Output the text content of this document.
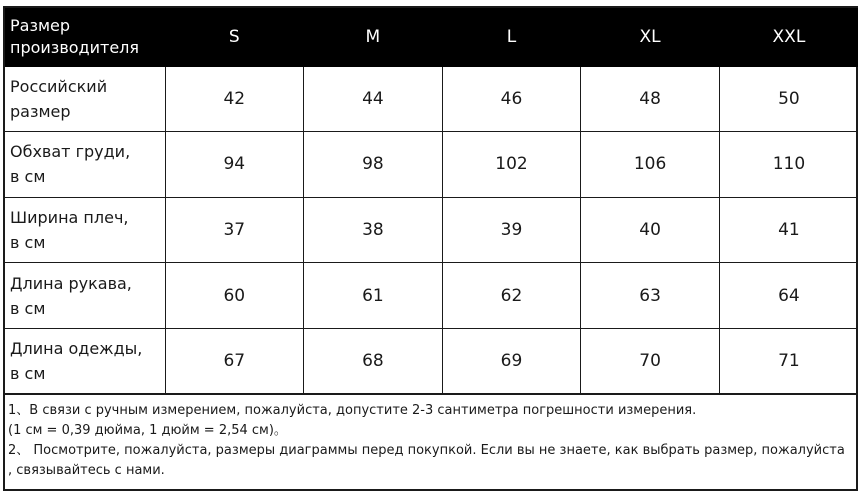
Размер
производителя	S	M	L	XL	XXL

Российский
размер	42	44	46	48	50

Обхват груди,
в см	94	98	102	106	110

Ширина плеч,
в см	37	38	39	40	41

Длина рукава,
в см	60	61	62	63	64

Длина одежды,
в см	67	68	69	70	71
1、В связи с ручным измерением, пожалуйста, допустите 2-3 сантиметра погрешности измерения.
(1 см = 0,39 дюйма, 1 дюйм = 2,54 см)。
2、 Посмотрите, пожалуйста, размеры диаграммы перед покупкой. Если вы не знаете, как выбрать размер, пожалуйста
, связывайтесь с нами.
